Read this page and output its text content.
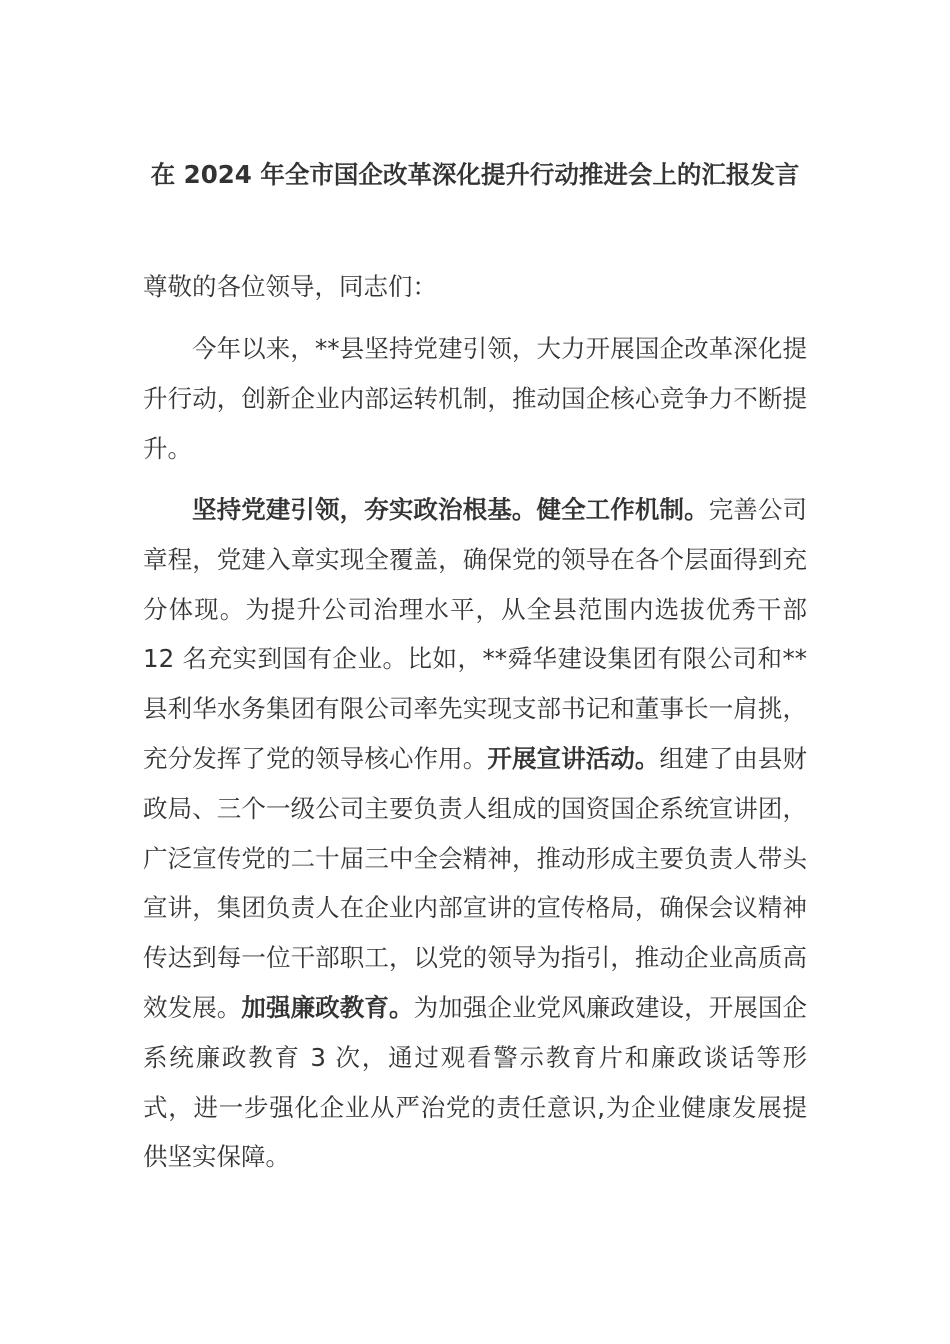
在 2024 年全市国企改革深化提升行动推进会上的汇报发言

尊敬的各位领导，同志们：

今年以来，**县坚持党建引领，大力开展国企改革深化提升行动，创新企业内部运转机制，推动国企核心竞争力不断提升。

坚持党建引领，夯实政治根基。健全工作机制。完善公司章程，党建入章实现全覆盖，确保党的领导在各个层面得到充分体现。为提升公司治理水平，从全县范围内选拔优秀干部 12 名充实到国有企业。比如，**舜华建设集团有限公司和**县利华水务集团有限公司率先实现支部书记和董事长一肩挑，充分发挥了党的领导核心作用。开展宣讲活动。组建了由县财政局、三个一级公司主要负责人组成的国资国企系统宣讲团，广泛宣传党的二十届三中全会精神，推动形成主要负责人带头宣讲，集团负责人在企业内部宣讲的宣传格局，确保会议精神传达到每一位干部职工，以党的领导为指引，推动企业高质高效发展。加强廉政教育。为加强企业党风廉政建设，开展国企系统廉政教育 3 次，通过观看警示教育片和廉政谈话等形式，进一步强化企业从严治党的责任意识,为企业健康发展提供坚实保障。
